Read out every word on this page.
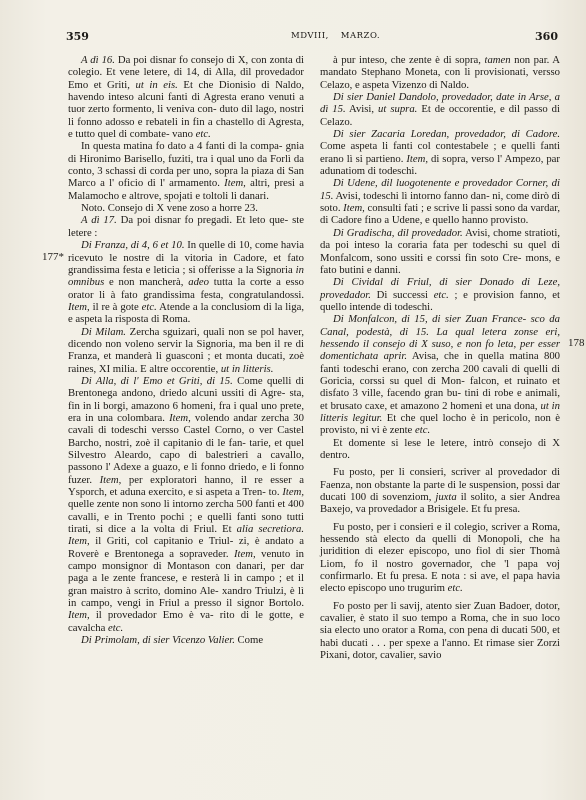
359	MDVIII, MARZO.	360
177*
178

A dì 16. Da poi disnar fo consejo di X, con zonta di colegio. Et vene letere, di 14, di Alla, dil provedador Emo et Griti, ut in eis. Et che Dionisio di Naldo, havendo inteso alcuni fanti di Agresta erano venuti a tuor zerto formento, li veniva con- duto dil lago, nostri li fonno adosso e rebateli in fin a chastello di Agresta, e tutto quel di combate- vano etc.

In questa matina fo dato a 4 fanti di la compa- gnia di Hironimo Barisello, fuziti, tra i qual uno da Forlì da conto, 3 schassi di corda per uno, sopra la piaza di San Marco a l' oficio di l' armamento. Item, altri, presi a Malamocho e altrove, spojati e toltoli li danari.

Noto. Consejo di X vene zoso a horre 23.

A dì 17. Da poi disnar fo pregadi. Et leto que- ste letere :

Di Franza, di 4, 6 et 10. In quelle di 10, come havia ricevuto le nostre di la vitoria in Cadore, et fato grandissima festa e leticia ; si offerisse a la Signoria in omnibus e non mancherà, adeo tutta la corte a esso orator li à fato grandissima festa, congratulandossi. Item, il re à gote etc. Atende a la conclusiom di la liga, e aspeta la risposta di Roma.

Di Milam. Zercha sguizari, quali non se pol haver, dicendo non voleno servir la Signoria, ma ben il re di Franza, et manderà li guasconi ; et monta ducati, zoè raines, XI milia. E altre occorentie, ut in litteris.

Di Alla, di l' Emo et Griti, di 15. Come quelli di Brentonega andono, driedo alcuni ussiti di Agre- sta, fin in li borgi, amazono 6 homeni, fra i qual uno prete, era in una colombara. Item, volendo andar zercha 30 cavali di todeschi versso Castel Corno, o ver Castel Barcho, nostri, zoè il capitanio di le fan- tarie, et quel Silvestro Aleardo, capo di balestrieri a cavallo, passono l' Adexe a guazo, e li fonno driedo, e li fonno fuzer. Item, per exploratori hanno, il re esser a Ysporch, et aduna exercito, e si aspeta a Tren- to. Item, quelle zente non sono li intorno zercha 500 fanti et 400 cavalli, e in Trento pochi ; e quelli fanti sono tutti tirati, si dice a la volta di Friul. Et alia secretiora. Item, il Griti, col capitanio e Triul- zi, è andato a Roverè e Brentonega a sopraveder. Item, venuto in campo monsignor di Montason con danari, per dar paga a le zente francese, e resterà li in campo ; et il gran maistro à scrito, domino Ale- xandro Triulzi, è lì in campo, vengi in Friul a presso il signor Bortolo. Item, il provedador Emo è va- rito di le gotte, e cavalcha etc.

Di Primolam, di sier Vicenzo Valier. Come

à pur inteso, che zente è di sopra, tamen non par. A mandato Stephano Moneta, con li provisionati, versso Celazo, e aspeta Vizenzo di Naldo.

Di sier Daniel Dandolo, provedador, date in Arse, a dì 15. Avisi, ut supra. Et de occorentie, e dil passo di Celazo.

Di sier Zacaria Loredan, provedador, di Cadore. Come aspeta li fanti col contestabele ; e quelli fanti erano lì si partieno. Item, di sopra, verso l' Ampezo, par adunatiom di todeschi.

Di Udene, dil luogotenente e provedador Corner, di 15. Avisi, todeschi lì intorno fanno dan- ni, come dirò di soto. Item, consulti fati ; e scrive li passi sono da vardar, di Cadore fino a Udene, e quello hanno provisto.

Di Gradischa, dil provedador. Avisi, chome stratioti, da poi inteso la coraria fata per todeschi su quel di Monfalcom, sono ussiti e corssi fin soto Cre- mons, e fato butini e danni.

Di Cividal di Friul, di sier Donado di Leze, provedador. Di successi etc. ; e provision fanno, et quello intende di todeschi.

Di Monfalcon, di 15, di sier Zuan France- sco da Canal, podestà, di 15. La qual letera zonse eri, hessendo il consejo di X suso, e non fo leta, per esser domentichata aprir. Avisa, che in quella matina 800 fanti todeschi erano, con zercha 200 cavali di quelli di Goricia, corssi su quel di Mon- falcon, et ruinato et disfato 3 ville, facendo gran bu- tini di robe e animali, et brusato caxe, et amazono 2 homeni et una dona, ut in litteris legitur. Et che quel locho è in pericolo, non è provisto, ni vi è zente etc.

Et domente si lese le letere, intrò consejo di X dentro.

Fu posto, per li consieri, scriver al provedador di Faenza, non obstante la parte di le suspension, possi dar ducati 100 di sovenziom, juxta il solito, a sier Andrea Baxejo, va provedador a Brisigele. Et fu presa.

Fu posto, per i consieri e il colegio, scriver a Roma, hessendo stà electo da quelli di Monopoli, che ha juridition di elezer episcopo, uno fiol di sier Thomà Liom, fo il nostro governador, che 'l papa voj confirmarlo. Et fu presa. E nota : si ave, el papa havia electo episcopo uno trugurim etc.

Fo posto per li savij, atento sier Zuan Badoer, dotor, cavalier, è stato il suo tempo a Roma, che in suo loco sia electo uno orator a Roma, con pena di ducati 500, et habi ducati . . . per spexe a l'anno. Et rimase sier Zorzi Pixani, dotor, cavalier, savio
